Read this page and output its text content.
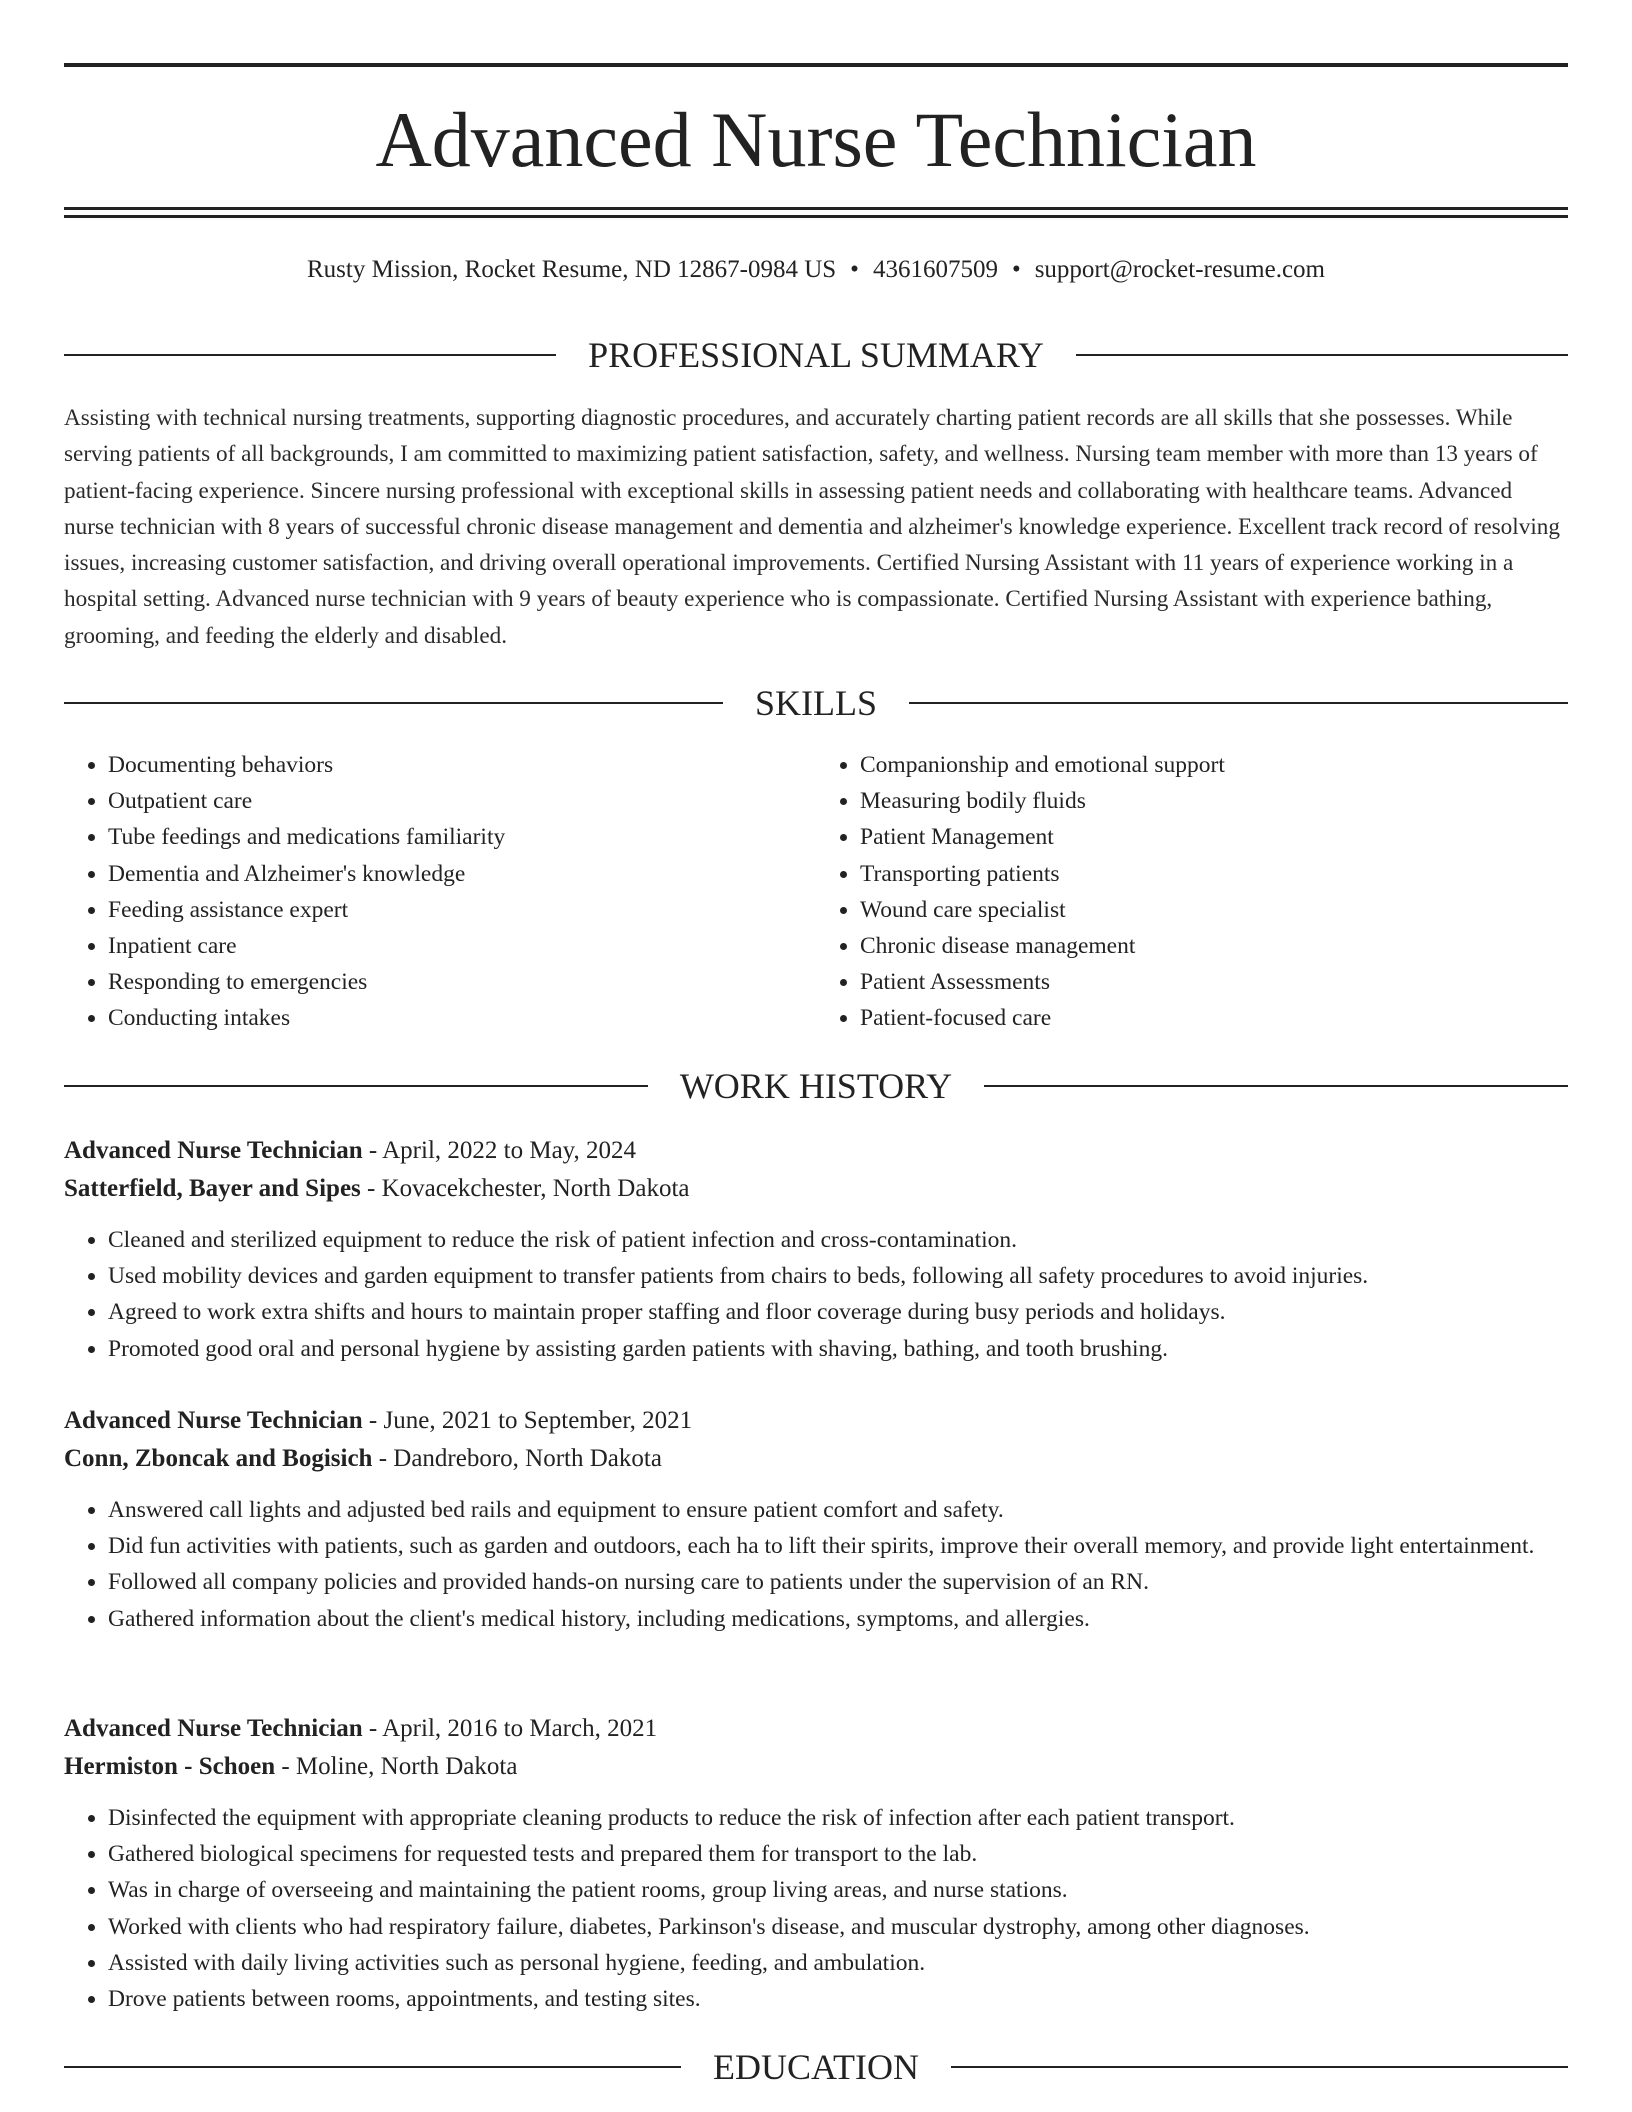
Advanced Nurse Technician
Rusty Mission, Rocket Resume, ND 12867-0984 US • 4361607509 • support@rocket-resume.com
PROFESSIONAL SUMMARY
Assisting with technical nursing treatments, supporting diagnostic procedures, and accurately charting patient records are all skills that she possesses. While serving patients of all backgrounds, I am committed to maximizing patient satisfaction, safety, and wellness. Nursing team member with more than 13 years of patient-facing experience. Sincere nursing professional with exceptional skills in assessing patient needs and collaborating with healthcare teams. Advanced nurse technician with 8 years of successful chronic disease management and dementia and alzheimer's knowledge experience. Excellent track record of resolving issues, increasing customer satisfaction, and driving overall operational improvements. Certified Nursing Assistant with 11 years of experience working in a hospital setting. Advanced nurse technician with 9 years of beauty experience who is compassionate. Certified Nursing Assistant with experience bathing, grooming, and feeding the elderly and disabled.
SKILLS
• Documenting behaviors
• Outpatient care
• Tube feedings and medications familiarity
• Dementia and Alzheimer's knowledge
• Feeding assistance expert
• Inpatient care
• Responding to emergencies
• Conducting intakes
• Companionship and emotional support
• Measuring bodily fluids
• Patient Management
• Transporting patients
• Wound care specialist
• Chronic disease management
• Patient Assessments
• Patient-focused care
WORK HISTORY
Advanced Nurse Technician - April, 2022 to May, 2024
Satterfield, Bayer and Sipes - Kovacekchester, North Dakota
• Cleaned and sterilized equipment to reduce the risk of patient infection and cross-contamination.
• Used mobility devices and garden equipment to transfer patients from chairs to beds, following all safety procedures to avoid injuries.
• Agreed to work extra shifts and hours to maintain proper staffing and floor coverage during busy periods and holidays.
• Promoted good oral and personal hygiene by assisting garden patients with shaving, bathing, and tooth brushing.
Advanced Nurse Technician - June, 2021 to September, 2021
Conn, Zboncak and Bogisich - Dandreboro, North Dakota
• Answered call lights and adjusted bed rails and equipment to ensure patient comfort and safety.
• Did fun activities with patients, such as garden and outdoors, each ha to lift their spirits, improve their overall memory, and provide light entertainment.
• Followed all company policies and provided hands-on nursing care to patients under the supervision of an RN.
• Gathered information about the client's medical history, including medications, symptoms, and allergies.
Advanced Nurse Technician - April, 2016 to March, 2021
Hermiston - Schoen - Moline, North Dakota
• Disinfected the equipment with appropriate cleaning products to reduce the risk of infection after each patient transport.
• Gathered biological specimens for requested tests and prepared them for transport to the lab.
• Was in charge of overseeing and maintaining the patient rooms, group living areas, and nurse stations.
• Worked with clients who had respiratory failure, diabetes, Parkinson's disease, and muscular dystrophy, among other diagnoses.
• Assisted with daily living activities such as personal hygiene, feeding, and ambulation.
• Drove patients between rooms, appointments, and testing sites.
EDUCATION
